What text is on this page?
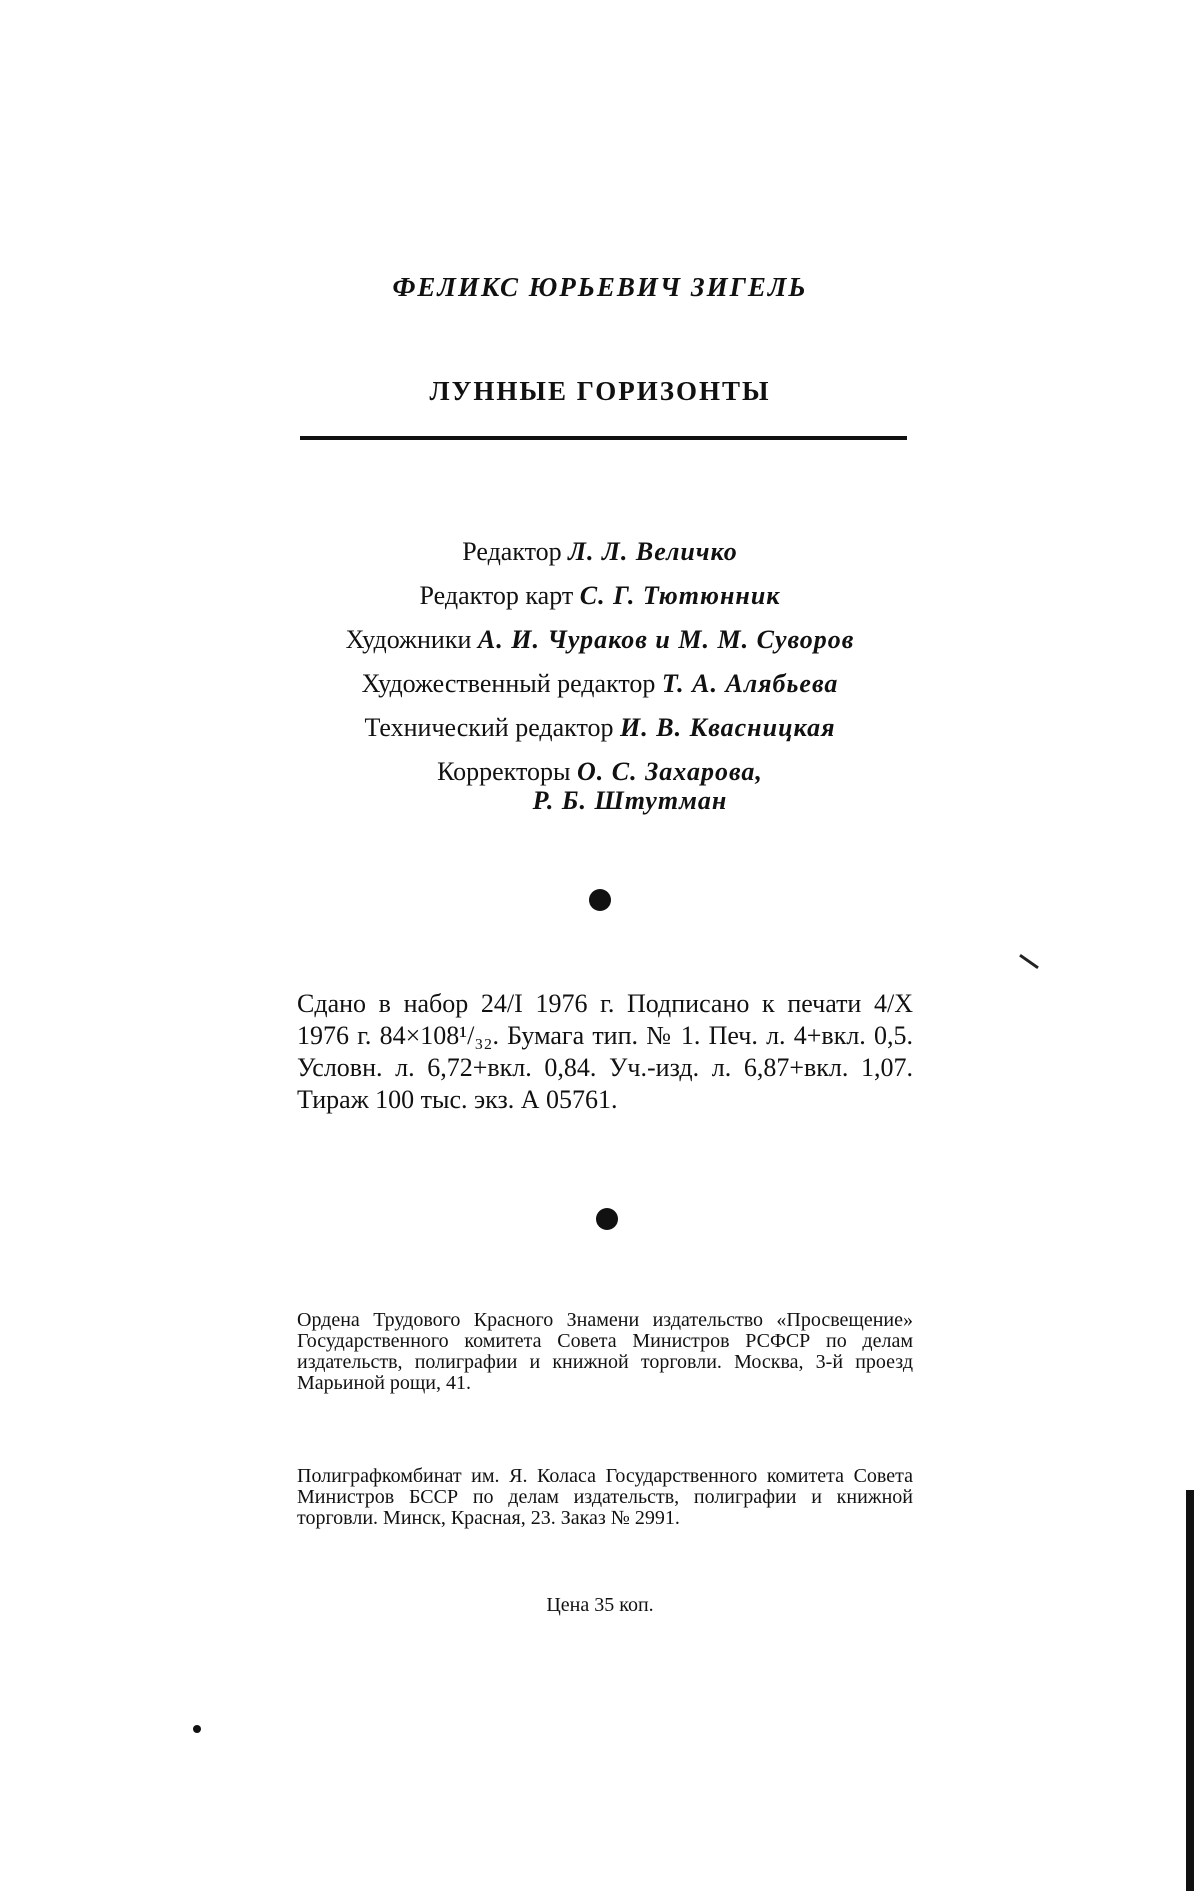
ФЕЛИКС ЮРЬЕВИЧ ЗИГЕЛЬ
ЛУННЫЕ ГОРИЗОНТЫ
Редактор Л. Л. Величко
Редактор карт С. Г. Тютюнник
Художники А. И. Чураков и М. М. Суворов
Художественный редактор Т. А. Алябьева
Технический редактор И. В. Квасницкая
Корректоры О. С. Захарова,
Р. Б. Штутман
Сдано в набор 24/I 1976 г. Подписано к печати 4/X 1976 г. 84×108¹/₃₂. Бумага тип. № 1. Печ. л. 4+вкл. 0,5. Условн. л. 6,72+вкл. 0,84. Уч.-изд. л. 6,87+вкл. 1,07. Тираж 100 тыс. экз. А 05761.
Ордена Трудового Красного Знамени издательство «Просвещение» Государственного комитета Совета Министров РСФСР по делам издательств, полиграфии и книжной торговли. Москва, 3-й проезд Марьиной рощи, 41.
Полиграфкомбинат им. Я. Коласа Государственного комитета Совета Министров БССР по делам издательств, полиграфии и книжной торговли. Минск, Красная, 23. Заказ № 2991.
Цена 35 коп.
